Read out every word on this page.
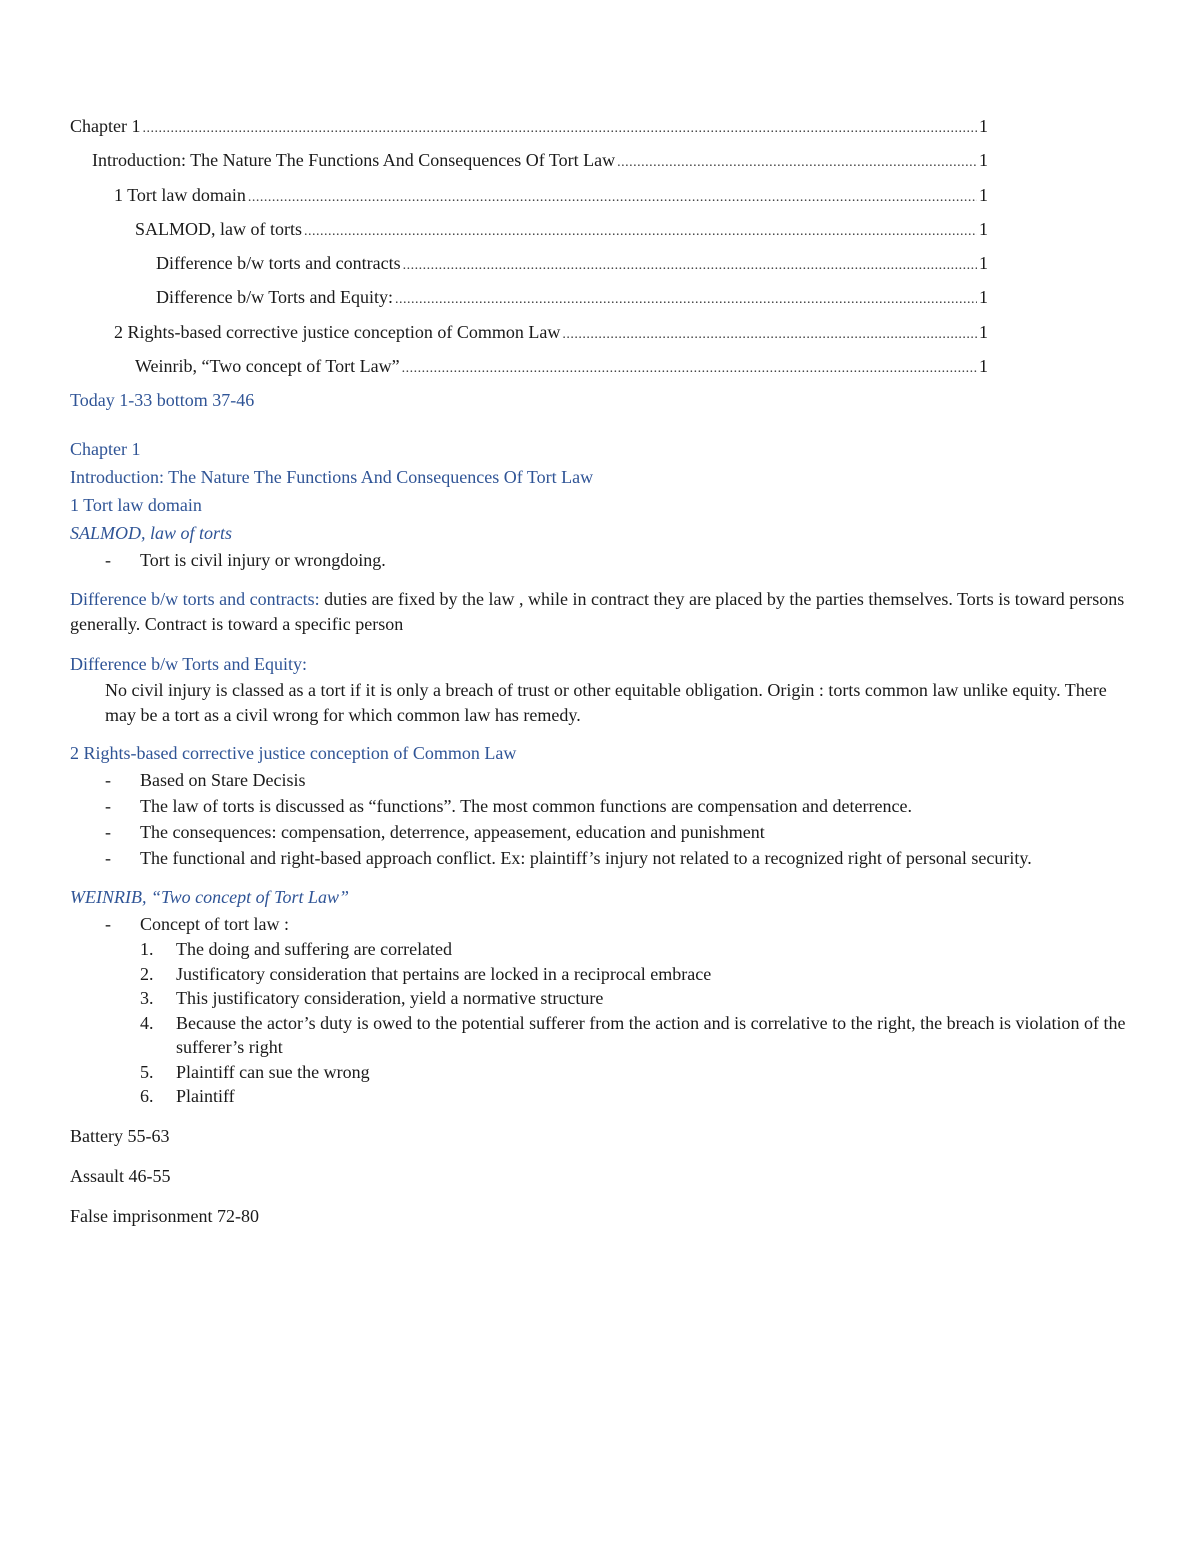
Chapter 1 .....	1
Introduction: The Nature The Functions And Consequences Of Tort Law .....	1
1 Tort law domain .....	1
SALMOD, law of torts .....	1
Difference b/w torts and contracts .....	1
Difference b/w Torts and Equity: .....	1
2 Rights-based corrective justice conception of Common Law .....	1
Weinrib, “Two concept of Tort Law” .....	1
Today 1-33 bottom 37-46
Chapter 1
Introduction: The Nature The Functions And Consequences Of Tort Law
1 Tort law domain
SALMOD, law of torts
- Tort is civil injury or wrongdoing.
Difference b/w torts and contracts: duties are fixed by the law , while in contract they are placed by the parties themselves. Torts is toward persons generally. Contract is toward a specific person
Difference b/w Torts and Equity:
No civil injury is classed as a tort if it is only a breach of trust or other equitable obligation. Origin : torts common law unlike equity. There may be a tort as a civil wrong for which common law has remedy.
2 Rights-based corrective justice conception of Common Law
- Based on Stare Decisis
- The law of torts is discussed as “functions”. The most common functions are compensation and deterrence.
- The consequences: compensation, deterrence, appeasement, education and punishment
- The functional and right-based approach conflict. Ex: plaintiff’s injury not related to a recognized right of personal security.
WEINRIB, “Two concept of Tort Law”
- Concept of tort law :
1. The doing and suffering are correlated
2. Justificatory consideration that pertains are locked in a reciprocal embrace
3. This justificatory consideration, yield a normative structure
4. Because the actor’s duty is owed to the potential sufferer from the action and is correlative to the right, the breach is violation of the sufferer’s right
5. Plaintiff can sue the wrong
6. Plaintiff
Battery 55-63
Assault 46-55
False imprisonment 72-80
